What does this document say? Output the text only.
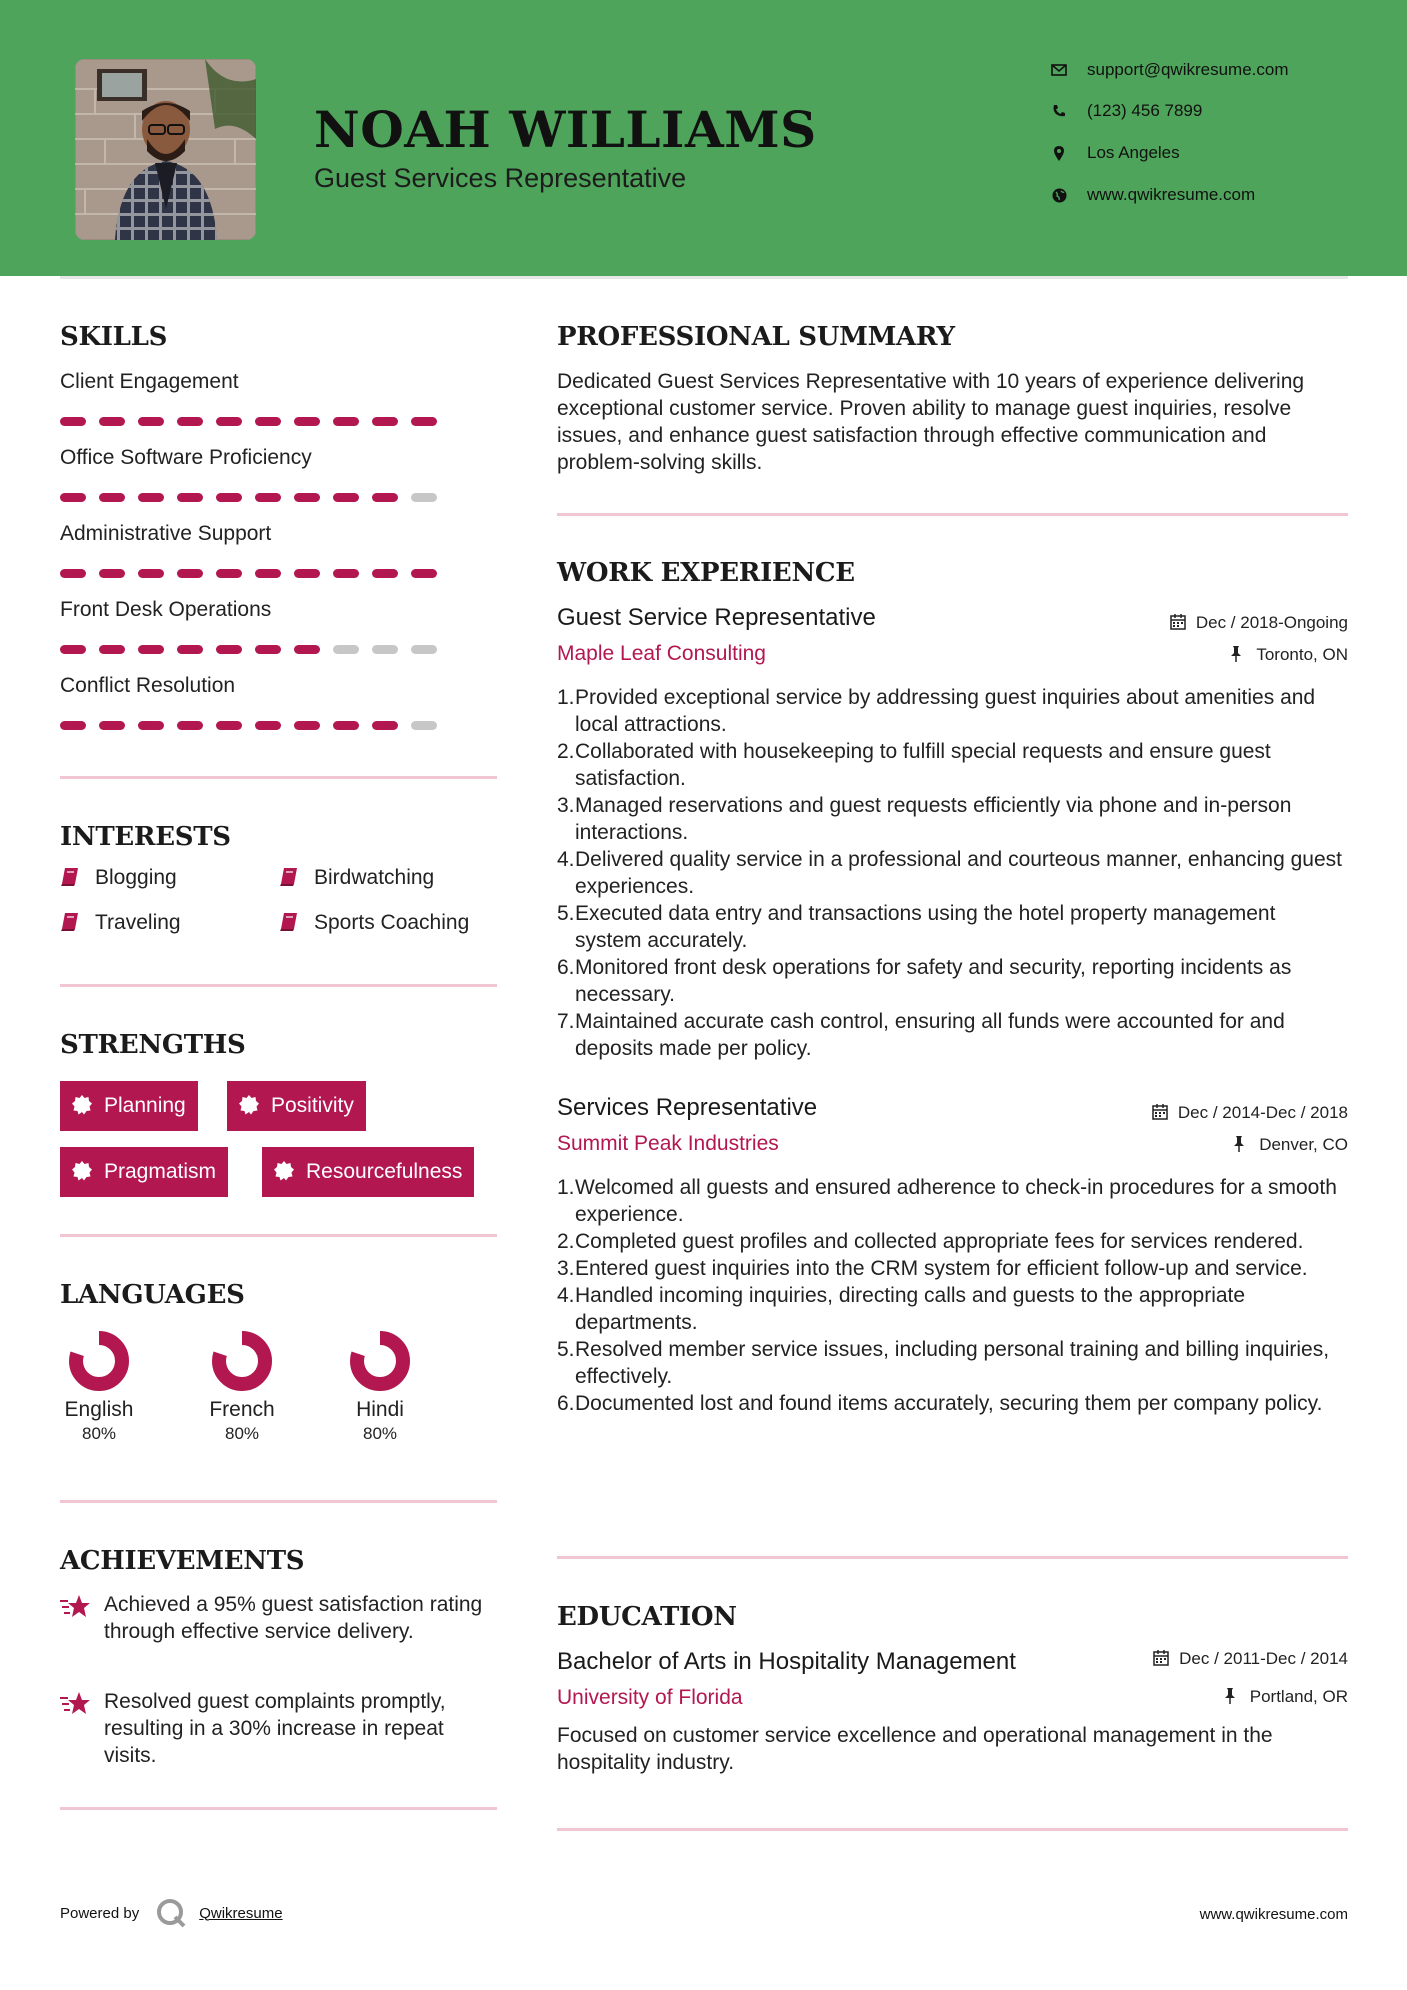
NOAH WILLIAMS
Guest Services Representative
support@qwikresume.com
(123) 456 7899
Los Angeles
www.qwikresume.com
SKILLS
Client Engagement
Office Software Proficiency
Administrative Support
Front Desk Operations
Conflict Resolution
INTERESTS
Blogging	Birdwatching
Traveling	Sports Coaching
STRENGTHS
Planning	Positivity
Pragmatism	Resourcefulness
LANGUAGES
English
80%
French
80%
Hindi
80%
ACHIEVEMENTS
Achieved a 95% guest satisfaction rating through effective service delivery.
Resolved guest complaints promptly, resulting in a 30% increase in repeat visits.
PROFESSIONAL SUMMARY
Dedicated Guest Services Representative with 10 years of experience delivering exceptional customer service. Proven ability to manage guest inquiries, resolve issues, and enhance guest satisfaction through effective communication and problem-solving skills.
WORK EXPERIENCE
Guest Service Representative	Dec / 2018-Ongoing
Maple Leaf Consulting	Toronto, ON
1. Provided exceptional service by addressing guest inquiries about amenities and local attractions.
2. Collaborated with housekeeping to fulfill special requests and ensure guest satisfaction.
3. Managed reservations and guest requests efficiently via phone and in-person interactions.
4. Delivered quality service in a professional and courteous manner, enhancing guest experiences.
5. Executed data entry and transactions using the hotel property management system accurately.
6. Monitored front desk operations for safety and security, reporting incidents as necessary.
7. Maintained accurate cash control, ensuring all funds were accounted for and deposits made per policy.
Services Representative	Dec / 2014-Dec / 2018
Summit Peak Industries	Denver, CO
1. Welcomed all guests and ensured adherence to check-in procedures for a smooth experience.
2. Completed guest profiles and collected appropriate fees for services rendered.
3. Entered guest inquiries into the CRM system for efficient follow-up and service.
4. Handled incoming inquiries, directing calls and guests to the appropriate departments.
5. Resolved member service issues, including personal training and billing inquiries, effectively.
6. Documented lost and found items accurately, securing them per company policy.
EDUCATION
Bachelor of Arts in Hospitality Management	Dec / 2011-Dec / 2014
University of Florida	Portland, OR
Focused on customer service excellence and operational management in the hospitality industry.
Powered by	Qwikresume	www.qwikresume.com
